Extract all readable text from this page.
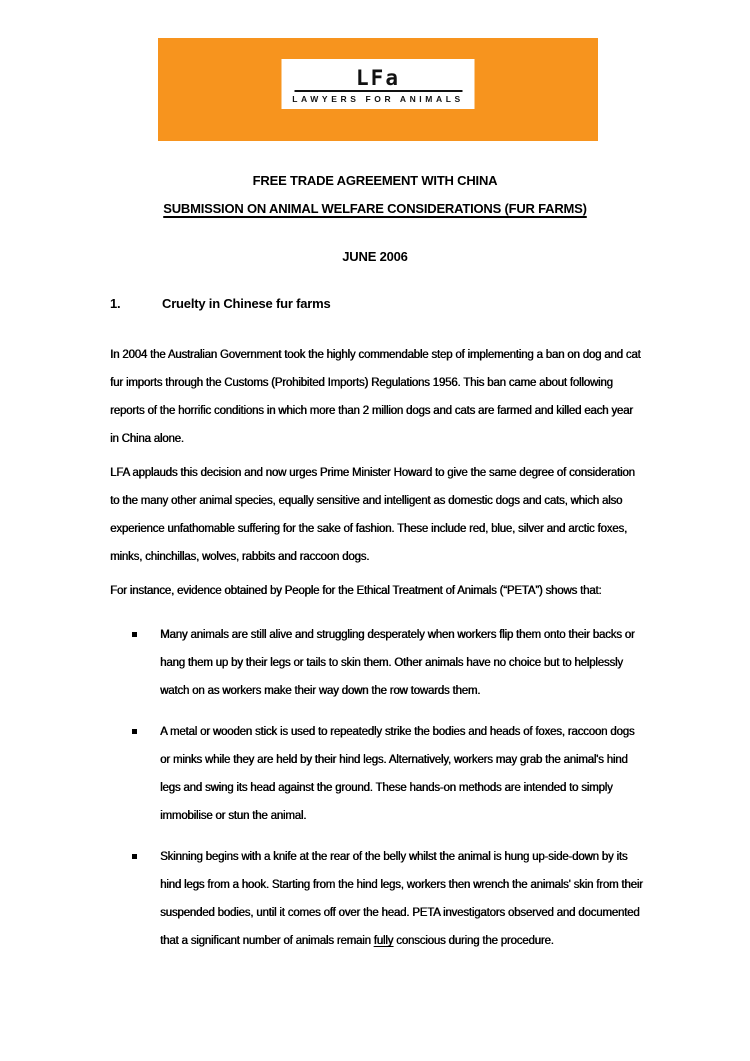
LFa
LAWYERS FOR ANIMALS
FREE TRADE AGREEMENT WITH CHINA
SUBMISSION ON ANIMAL WELFARE CONSIDERATIONS (FUR FARMS)
JUNE 2006
1.	Cruelty in Chinese fur farms

In 2004 the Australian Government took the highly commendable step of implementing a ban on dog and cat fur imports through the Customs (Prohibited Imports) Regulations 1956. This ban came about following reports of the horrific conditions in which more than 2 million dogs and cats are farmed and killed each year in China alone.

LFA applauds this decision and now urges Prime Minister Howard to give the same degree of consideration to the many other animal species, equally sensitive and intelligent as domestic dogs and cats, which also experience unfathomable suffering for the sake of fashion. These include red, blue, silver and arctic foxes, minks, chinchillas, wolves, rabbits and raccoon dogs.

For instance, evidence obtained by People for the Ethical Treatment of Animals (“PETA”) shows that:

Many animals are still alive and struggling desperately when workers flip them onto their backs or hang them up by their legs or tails to skin them. Other animals have no choice but to helplessly watch on as workers make their way down the row towards them.
A metal or wooden stick is used to repeatedly strike the bodies and heads of foxes, raccoon dogs or minks while they are held by their hind legs. Alternatively, workers may grab the animal's hind legs and swing its head against the ground. These hands-on methods are intended to simply immobilise or stun the animal.
Skinning begins with a knife at the rear of the belly whilst the animal is hung up-side-down by its hind legs from a hook. Starting from the hind legs, workers then wrench the animals' skin from their suspended bodies, until it comes off over the head. PETA investigators observed and documented that a significant number of animals remain fully conscious during the procedure.
